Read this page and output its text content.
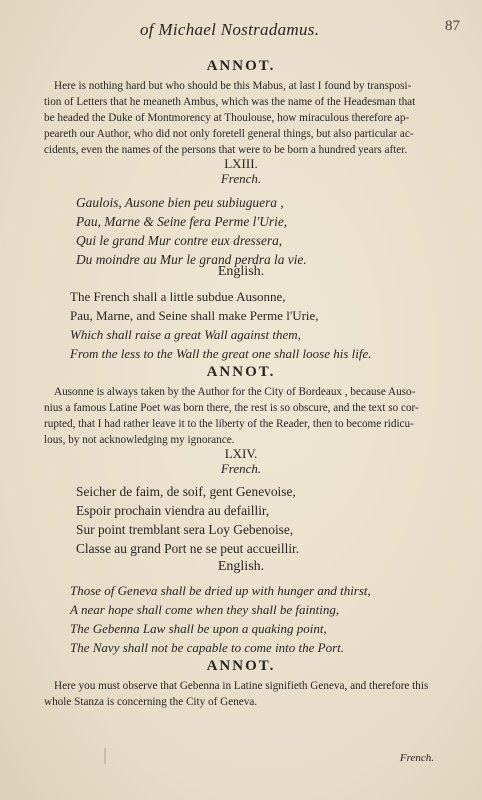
of Michael Nostradamus.	87
ANNOT.
Here is nothing hard but who should be this Mabus, at last I found by transposi-
tion of Letters that he meaneth Ambus, which was the name of the Headesman that
be headed the Duke of Montmorency at Thoulouse, how miraculous therefore ap-
peareth our Author, who did not only foretell general things, but also particular ac-
cidents, even the names of the persons that were to be born a hundred years after.
LXIII.
French.
Gaulois, Ausone bien peu subiuguera ,
Pau, Marne & Seine fera Perme l'Urie,
Qui le grand Mur contre eux dressera,
Du moindre au Mur le grand perdra la vie.
English.
The French shall a little subdue Ausonne,
Pau, Marne, and Seine shall make Perme l'Urie,
Which shall raise a great Wall against them,
From the less to the Wall the great one shall loose his life.
ANNOT.
Ausonne is always taken by the Author for the City of Bordeaux , because Auso-
nius a famous Latine Poet was born there, the rest is so obscure, and the text so cor-
rupted, that I had rather leave it to the liberty of the Reader, then to become ridicu-
lous, by not acknowledging my ignorance.
LXIV.
French.
Seicher de faim, de soif, gent Genevoise,
Espoir prochain viendra au defaillir,
Sur point tremblant sera Loy Gebenoise,
Classe au grand Port ne se peut accueillir.
English.
Those of Geneva shall be dried up with hunger and thirst,
A near hope shall come when they shall be fainting,
The Gebenna Law shall be upon a quaking point,
The Navy shall not be capable to come into the Port.
ANNOT.
Here you must observe that Gebenna in Latine signifieth Geneva, and therefore this
whole Stanza is concerning the City of Geneva.
French.
